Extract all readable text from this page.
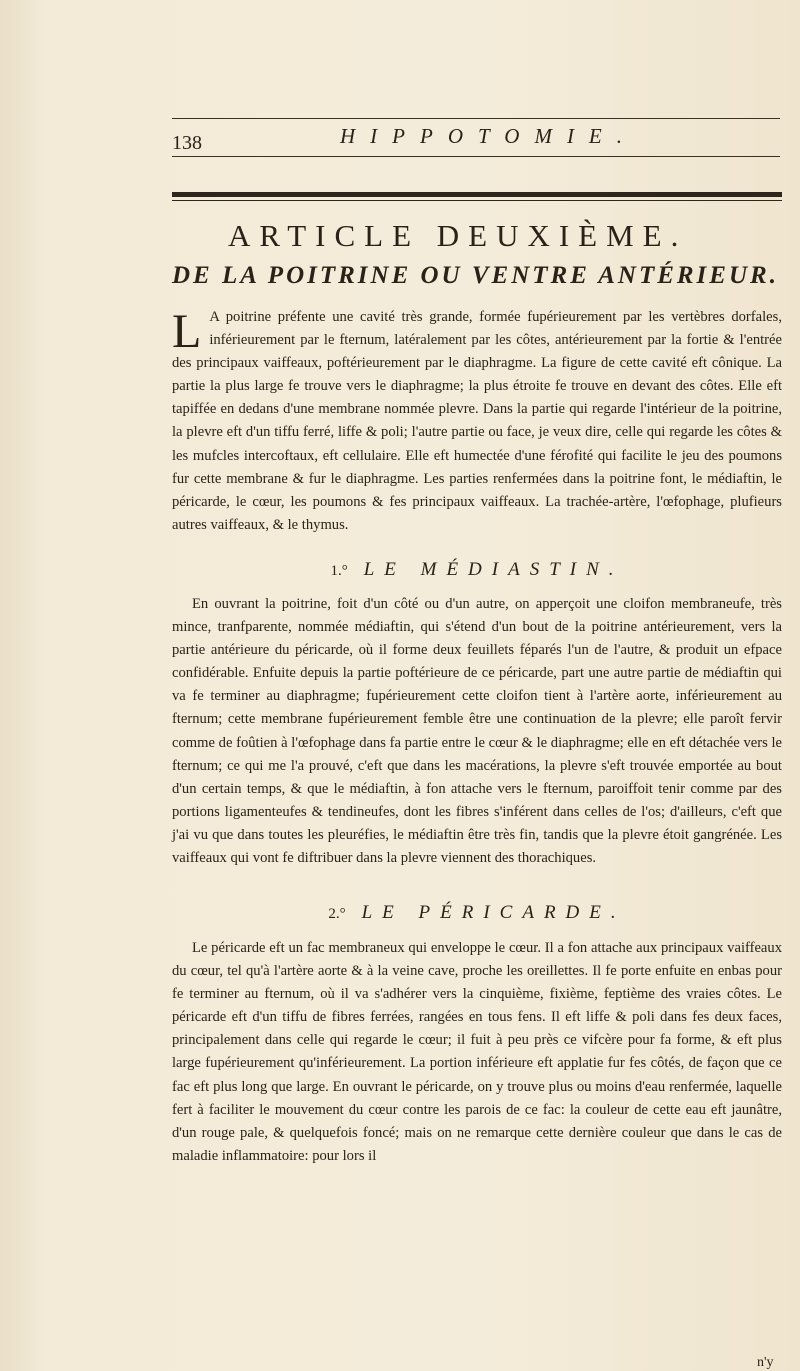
138	HIPPOTOMIE.
ARTICLE DEUXIÈME.
DE LA POITRINE OU VENTRE ANTÉRIEUR.

L A poitrine préfente une cavité très grande, formée fupérieurement par les vertèbres dorfales, inférieurement par le fternum, latéralement par les côtes, antérieurement par la fortie & l'entrée des principaux vaiffeaux, poftérieurement par le diaphragme. La figure de cette cavité eft cônique. La partie la plus large fe trouve vers le diaphragme; la plus étroite fe trouve en devant des côtes. Elle eft tapiffée en dedans d'une membrane nommée plevre. Dans la partie qui regarde l'intérieur de la poitrine, la plevre eft d'un tiffu ferré, liffe & poli; l'autre partie ou face, je veux dire, celle qui regarde les côtes & les mufcles intercoftaux, eft cellulaire. Elle eft humectée d'une férofité qui facilite le jeu des poumons fur cette membrane & fur le diaphragme. Les parties renfermées dans la poitrine font, le médiaftin, le péricarde, le cœur, les poumons & fes principaux vaiffeaux. La trachée-artère, l'œfophage, plufieurs autres vaiffeaux, & le thymus.

1.° LE MÉDIASTIN.

En ouvrant la poitrine, foit d'un côté ou d'un autre, on apperçoit une cloifon membraneufe, très mince, tranfparente, nommée médiaftin, qui s'étend d'un bout de la poitrine antérieurement, vers la partie antérieure du péricarde, où il forme deux feuillets féparés l'un de l'autre, & produit un efpace confidérable. Enfuite depuis la partie poftérieure de ce péricarde, part une autre partie de médiaftin qui va fe terminer au diaphragme; fupérieurement cette cloifon tient à l'artère aorte, inférieurement au fternum; cette membrane fupérieurement femble être une continuation de la plevre; elle paroît fervir comme de foûtien à l'œfophage dans fa partie entre le cœur & le diaphragme; elle en eft détachée vers le fternum; ce qui me l'a prouvé, c'eft que dans les macérations, la plevre s'eft trouvée emportée au bout d'un certain temps, & que le médiaftin, à fon attache vers le fternum, paroiffoit tenir comme par des portions ligamenteufes & tendineufes, dont les fibres s'inférent dans celles de l'os; d'ailleurs, c'eft que j'ai vu que dans toutes les pleuréfies, le médiaftin être très fin, tandis que la plevre étoit gangrénée. Les vaiffeaux qui vont fe diftribuer dans la plevre viennent des thorachiques.

2.° LE PÉRICARDE.

Le péricarde eft un fac membraneux qui enveloppe le cœur. Il a fon attache aux principaux vaiffeaux du cœur, tel qu'à l'artère aorte & à la veine cave, proche les oreillettes. Il fe porte enfuite en enbas pour fe terminer au fternum, où il va s'adhérer vers la cinquième, fixième, feptième des vraies côtes. Le péricarde eft d'un tiffu de fibres ferrées, rangées en tous fens. Il eft liffe & poli dans fes deux faces, principalement dans celle qui regarde le cœur; il fuit à peu près ce vifcère pour fa forme, & eft plus large fupérieurement qu'inférieurement. La portion inférieure eft applatie fur fes côtés, de façon que ce fac eft plus long que large. En ouvrant le péricarde, on y trouve plus ou moins d'eau renfermée, laquelle fert à faciliter le mouvement du cœur contre les parois de ce fac: la couleur de cette eau eft jaunâtre, d'un rouge pale, & quelquefois foncé; mais on ne remarque cette dernière couleur que dans le cas de maladie inflammatoire: pour lors il

n'y
